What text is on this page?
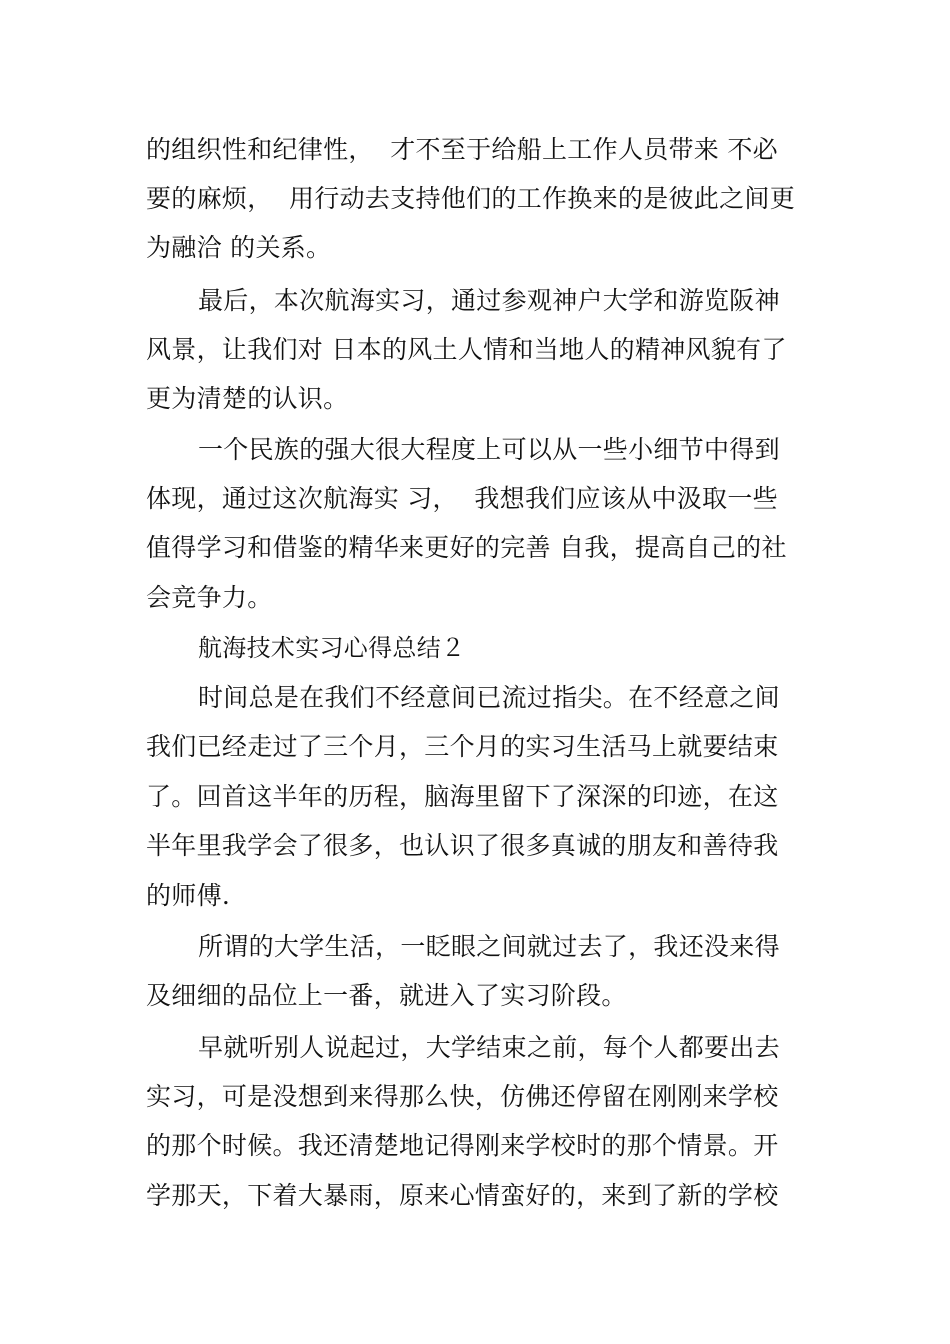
的组织性和纪律性，  才不至于给船上工作人员带来 不必
要的麻烦，  用行动去支持他们的工作换来的是彼此之间更
为融洽 的关系。
最后，本次航海实习，通过参观神户大学和游览阪神
风景，让我们对 日本的风土人情和当地人的精神风貌有了
更为清楚的认识。
一个民族的强大很大程度上可以从一些小细节中得到
体现，通过这次航海实 习，  我想我们应该从中汲取一些
值得学习和借鉴的精华来更好的完善 自我，提高自己的社
会竞争力。
航海技术实习心得总结２
时间总是在我们不经意间已流过指尖。在不经意之间
我们已经走过了三个月，三个月的实习生活马上就要结束
了。回首这半年的历程，脑海里留下了深深的印迹，在这
半年里我学会了很多，也认识了很多真诚的朋友和善待我
的师傅.
所谓的大学生活，一眨眼之间就过去了，我还没来得
及细细的品位上一番，就进入了实习阶段。
早就听别人说起过，大学结束之前，每个人都要出去
实习，可是没想到来得那么快，仿佛还停留在刚刚来学校
的那个时候。我还清楚地记得刚来学校时的那个情景。开
学那天，下着大暴雨，原来心情蛮好的，来到了新的学校
